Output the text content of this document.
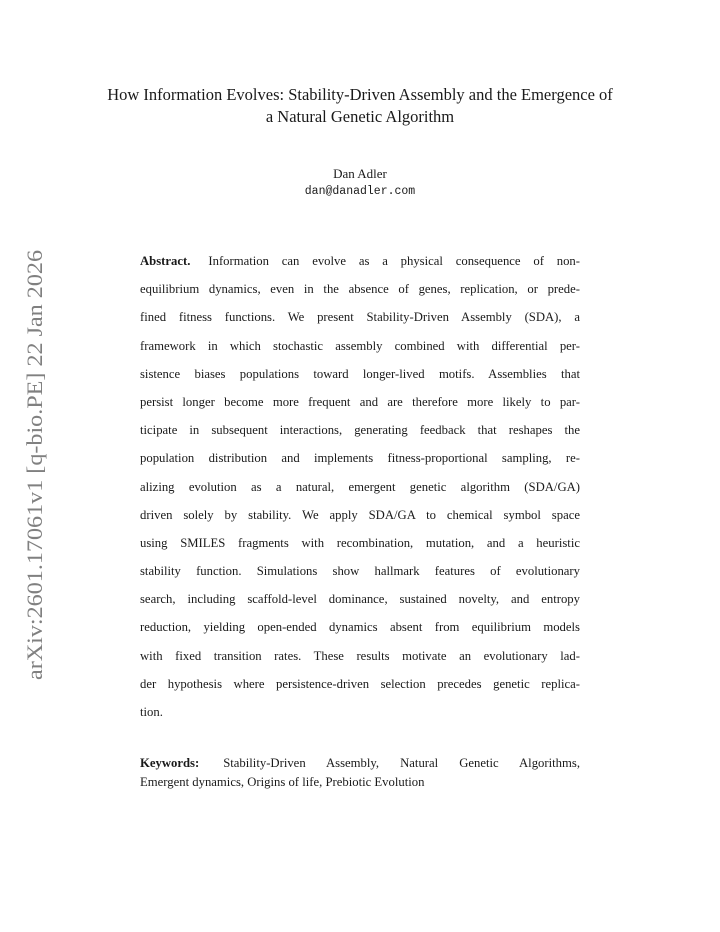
arXiv:2601.17061v1 [q-bio.PE] 22 Jan 2026
How Information Evolves: Stability-Driven Assembly and the Emergence of
a Natural Genetic Algorithm
Dan Adler
dan@danadler.com
Abstract. Information can evolve as a physical consequence of non-
equilibrium dynamics, even in the absence of genes, replication, or prede-
fined fitness functions. We present Stability-Driven Assembly (SDA), a
framework in which stochastic assembly combined with differential per-
sistence biases populations toward longer-lived motifs. Assemblies that
persist longer become more frequent and are therefore more likely to par-
ticipate in subsequent interactions, generating feedback that reshapes the
population distribution and implements fitness-proportional sampling, re-
alizing evolution as a natural, emergent genetic algorithm (SDA/GA)
driven solely by stability. We apply SDA/GA to chemical symbol space
using SMILES fragments with recombination, mutation, and a heuristic
stability function. Simulations show hallmark features of evolutionary
search, including scaffold-level dominance, sustained novelty, and entropy
reduction, yielding open-ended dynamics absent from equilibrium models
with fixed transition rates. These results motivate an evolutionary lad-
der hypothesis where persistence-driven selection precedes genetic replica-
tion.
Keywords: Stability-Driven Assembly, Natural Genetic Algorithms,
Emergent dynamics, Origins of life, Prebiotic Evolution
